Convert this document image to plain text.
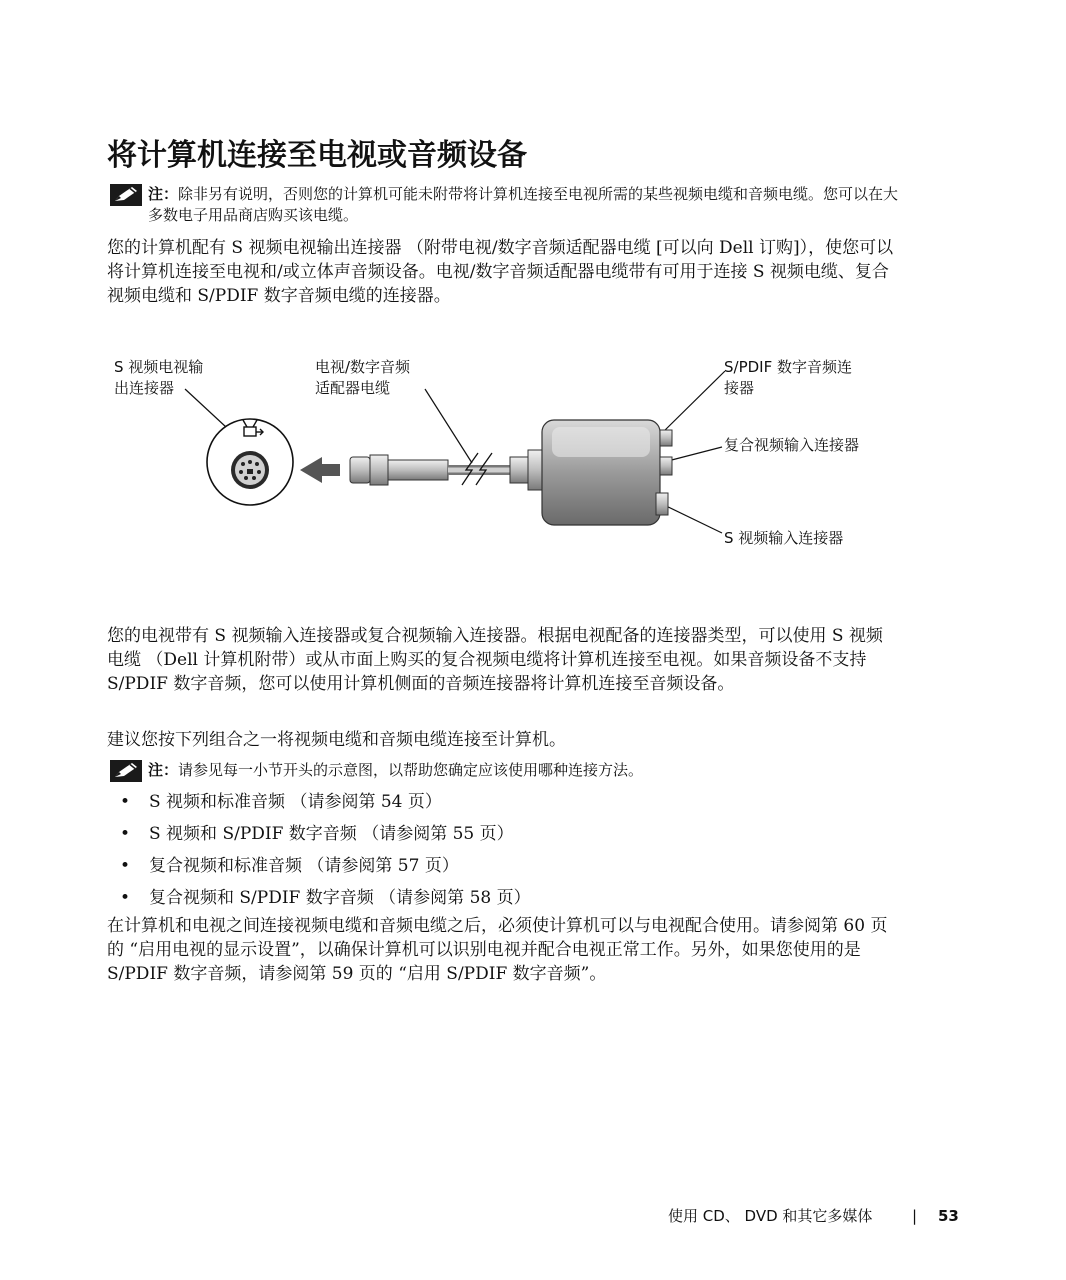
将计算机连接至电视或音频设备
注：除非另有说明，否则您的计算机可能未附带将计算机连接至电视所需的某些视频电缆和音频电缆。您可以在大多数电子用品商店购买该电缆。

您的计算机配有 S 视频电视输出连接器 （附带电视/数字音频适配器电缆 [可以向 Dell 订购]），使您可以将计算机连接至电视和/或立体声音频设备。电视/数字音频适配器电缆带有可用于连接 S 视频电缆、复合视频电缆和 S/PDIF 数字音频电缆的连接器。

S 视频电视输
出连接器
电视/数字音频
适配器电缆
S/PDIF 数字音频连
接器
复合视频输入连接器
S 视频输入连接器

您的电视带有 S 视频输入连接器或复合视频输入连接器。根据电视配备的连接器类型，可以使用 S 视频电缆 （Dell 计算机附带）或从市面上购买的复合视频电缆将计算机连接至电视。如果音频设备不支持 S/PDIF 数字音频，您可以使用计算机侧面的音频连接器将计算机连接至音频设备。

建议您按下列组合之一将视频电缆和音频电缆连接至计算机。

注：请参见每一小节开头的示意图，以帮助您确定应该使用哪种连接方法。
• S 视频和标准音频 （请参阅第 54 页）
• S 视频和 S/PDIF 数字音频 （请参阅第 55 页）
• 复合视频和标准音频 （请参阅第 57 页）
• 复合视频和 S/PDIF 数字音频 （请参阅第 58 页）

在计算机和电视之间连接视频电缆和音频电缆之后，必须使计算机可以与电视配合使用。请参阅第 60 页的 “启用电视的显示设置”，以确保计算机可以识别电视并配合电视正常工作。另外，如果您使用的是 S/PDIF 数字音频，请参阅第 59 页的 “启用 S/PDIF 数字音频”。

使用 CD、 DVD 和其它多媒体	| 53
